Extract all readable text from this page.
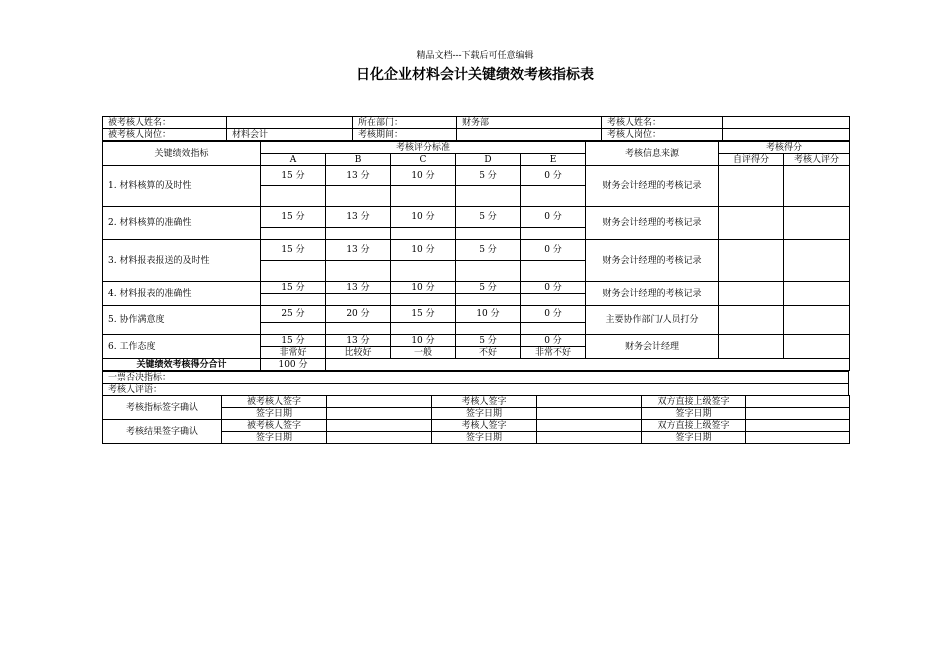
精品文档---下载后可任意编辑
日化企业材料会计关键绩效考核指标表
被考核人姓名：		所在部门：	财务部	考核人姓名：	
被考核人岗位：	材料会计	考核期间：		考核人岗位：	
关键绩效指标	考核评分标准					考核信息来源	考核得分	
	A	B	C	D	E		自评得分	考核人评分
1. 材料核算的及时性	15 分	13 分	10 分	5 分	0 分	财务会计经理的考核记录		

2. 材料核算的准确性	15 分	13 分	10 分	5 分	0 分	财务会计经理的考核记录		

3. 材料报表报送的及时性	15 分	13 分	10 分	5 分	0 分	财务会计经理的考核记录		

4. 材料报表的准确性	15 分	13 分	10 分	5 分	0 分	财务会计经理的考核记录		

5. 协作满意度	25 分	20 分	15 分	10 分	0 分	主要协作部门/人员打分		

6. 工作态度	15 分	13 分	10 分	5 分	0 分	财务会计经理		
	非常好	比较好	一般	不好	非常不好			
关键绩效考核得分合计	100 分							
一票否决指标：
考核人评语：
考核指标签字确认	被考核人签字		考核人签字		双方直接上级签字	
	签字日期		签字日期		签字日期	
考核结果签字确认	被考核人签字		考核人签字		双方直接上级签字	
	签字日期		签字日期		签字日期	
